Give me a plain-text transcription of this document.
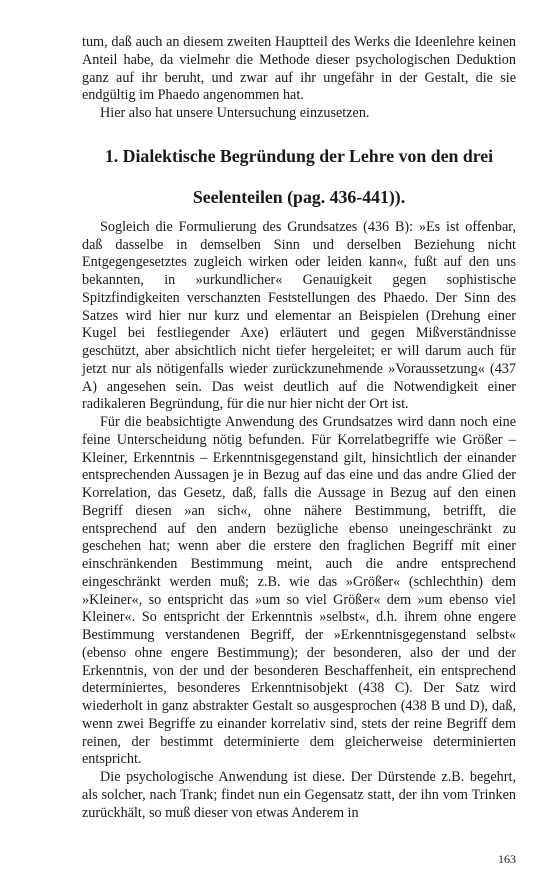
tum, daß auch an diesem zweiten Hauptteil des Werks die Ideenlehre keinen Anteil habe, da vielmehr die Methode dieser psychologischen Deduktion ganz auf ihr beruht, und zwar auf ihr ungefähr in der Gestalt, die sie endgültig im Phaedo angenommen hat.

Hier also hat unsere Untersuchung einzusetzen.

1. Dialektische Begründung der Lehre von den drei
Seelenteilen (pag. 436-441)).

Sogleich die Formulierung des Grundsatzes (436 B): »Es ist offenbar, daß dasselbe in demselben Sinn und derselben Beziehung nicht Entgegengesetztes zugleich wirken oder leiden kann«, fußt auf den uns bekannten, in »urkundlicher« Genauigkeit gegen sophistische Spitzfindigkeiten verschanzten Feststellungen des Phaedo. Der Sinn des Satzes wird hier nur kurz und elementar an Beispielen (Drehung einer Kugel bei festliegender Axe) erläutert und gegen Mißverständnisse geschützt, aber absichtlich nicht tiefer hergeleitet; er will darum auch für jetzt nur als nötigenfalls wieder zurückzunehmende »Voraussetzung« (437 A) angesehen sein. Das weist deutlich auf die Notwendigkeit einer radikaleren Begründung, für die nur hier nicht der Ort ist.

Für die beabsichtigte Anwendung des Grundsatzes wird dann noch eine feine Unterscheidung nötig befunden. Für Korrelatbegriffe wie Größer – Kleiner, Erkenntnis – Erkenntnisgegenstand gilt, hinsichtlich der einander entsprechenden Aussagen je in Bezug auf das eine und das andre Glied der Korrelation, das Gesetz, daß, falls die Aussage in Bezug auf den einen Begriff diesen »an sich«, ohne nähere Bestimmung, betrifft, die entsprechend auf den andern bezügliche ebenso uneingeschränkt zu geschehen hat; wenn aber die erstere den fraglichen Begriff mit einer einschränkenden Bestimmung meint, auch die andre entsprechend eingeschränkt werden muß; z.B. wie das »Größer« (schlechthin) dem »Kleiner«, so entspricht das »um so viel Größer« dem »um ebenso viel Kleiner«. So entspricht der Erkenntnis »selbst«, d.h. ihrem ohne engere Bestimmung verstandenen Begriff, der »Erkenntnisgegenstand selbst« (ebenso ohne engere Bestimmung); der besonderen, also der und der Erkenntnis, von der und der besonderen Beschaffenheit, ein entsprechend determiniertes, besonderes Erkenntnisobjekt (438 C). Der Satz wird wiederholt in ganz abstrakter Gestalt so ausgesprochen (438 B und D), daß, wenn zwei Begriffe zu einander korrelativ sind, stets der reine Begriff dem reinen, der bestimmt determinierte dem gleicherweise determinierten entspricht.

Die psychologische Anwendung ist diese. Der Dürstende z.B. begehrt, als solcher, nach Trank; findet nun ein Gegensatz statt, der ihn vom Trinken zurückhält, so muß dieser von etwas Anderem in

163
